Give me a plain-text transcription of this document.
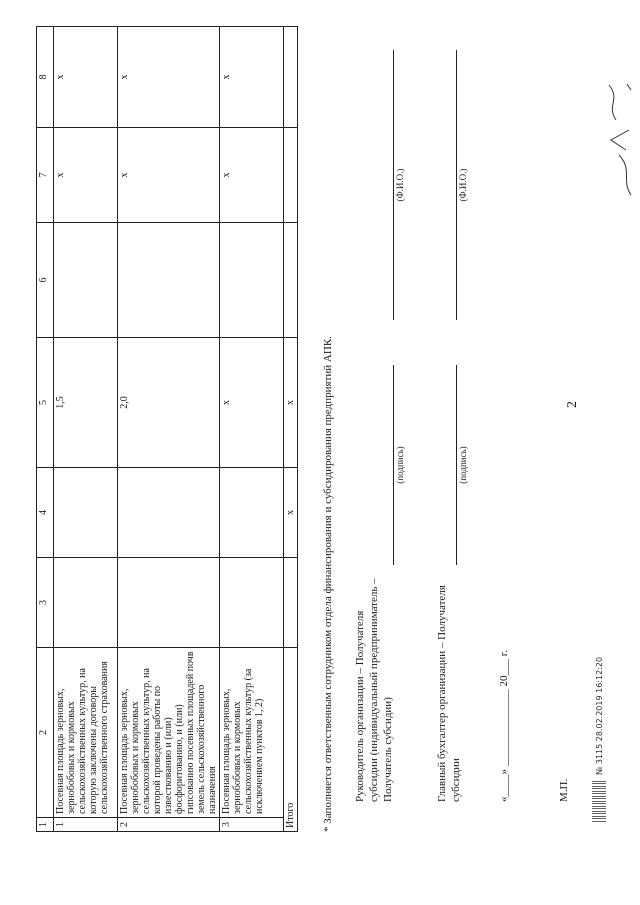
2
1	2	3	4	5	6	7	8
1	Посевная площадь зерновых, зернобобовых и кормовых сельскохозяйственных культур, на которую заключены договоры сельскохозяйственного страхования			1,5		x	x
2	Посевная площадь зерновых, зернобобовых и кормовых сельскохозяйственных культур, на которой проведены работы по известкованию и (или) фосфоритованию, и (или) гипсованию посевных площадей почв земель сельскохозяйственного назначения			2,0		x	x
3	Посевная площадь зерновых, зернобобовых и кормовых сельскохозяйственных культур (за исключением пунктов 1, 2)			x		x	x
Итого			x	x			* Заполняется ответственным сотрудником отдела финансирования и субсидирования предприятий АПК. Руководитель организации – Получателя субсидии (индивидуальный предприниматель – Получатель субсидии)
(подпись)
(Ф.И.О.)
Главный бухгалтер организации – Получателя субсидии
(подпись)
(Ф.И.О.)
«____» ______________ 20___ г.	М.П.
№ 3115 28.02.2019 16:12:20
